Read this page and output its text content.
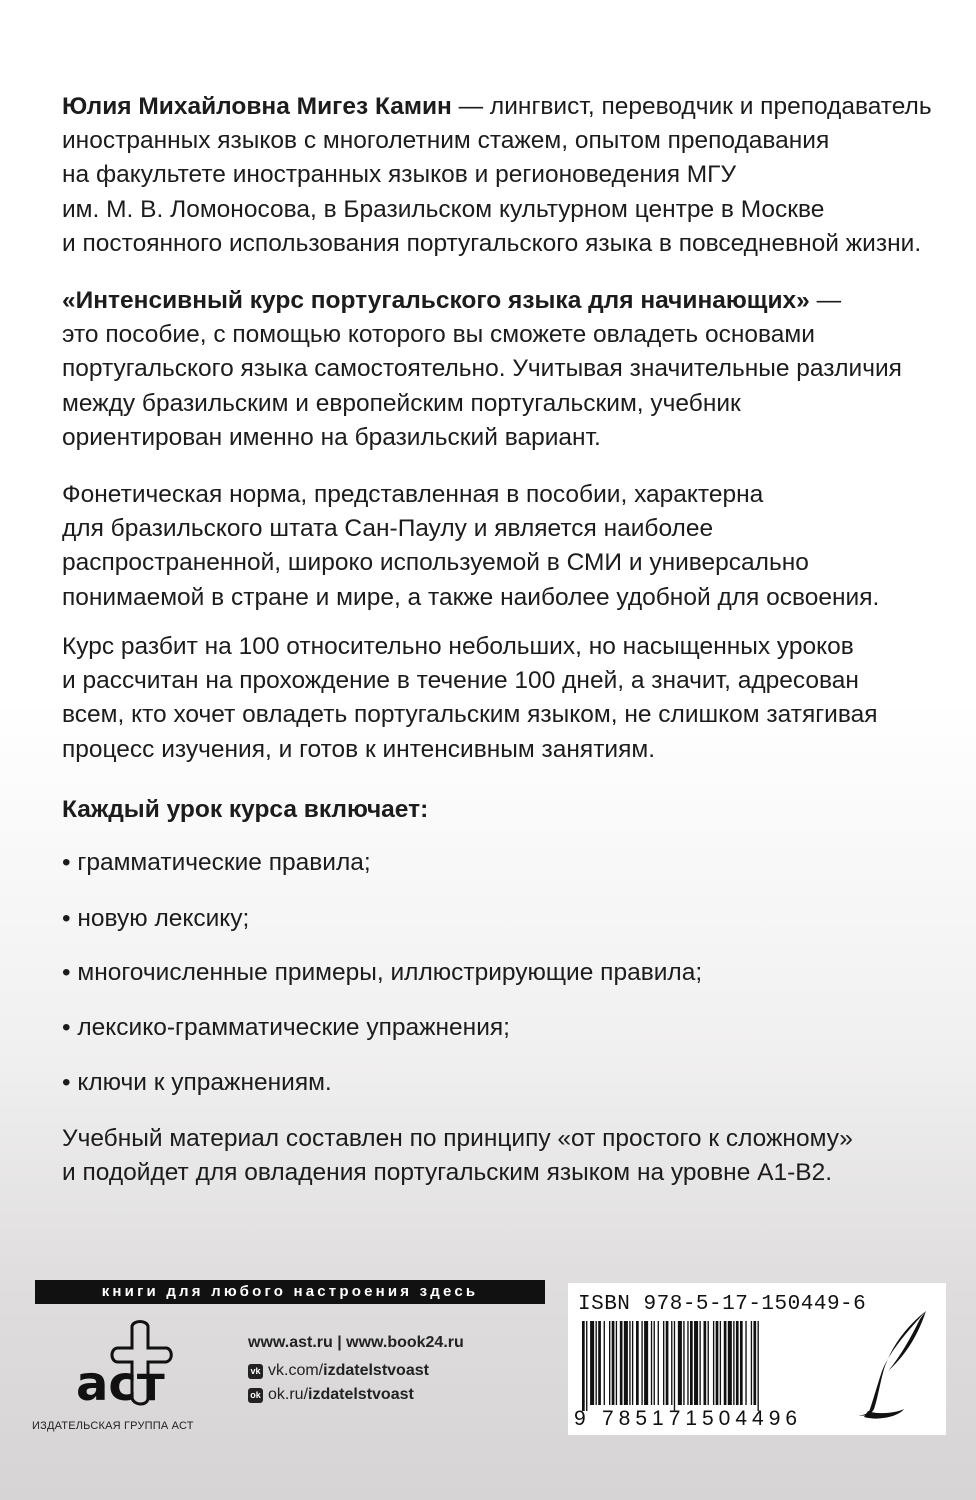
Юлия Михайловна Мигез Камин — лингвист, переводчик и преподаватель
иностранных языков с многолетним стажем, опытом преподавания
на факультете иностранных языков и регионоведения МГУ
им. М. В. Ломоносова, в Бразильском культурном центре в Москве
и постоянного использования португальского языка в повседневной жизни.
«Интенсивный курс португальского языка для начинающих» —
это пособие, с помощью которого вы сможете овладеть основами
португальского языка самостоятельно. Учитывая значительные различия
между бразильским и европейским португальским, учебник
ориентирован именно на бразильский вариант.
Фонетическая норма, представленная в пособии, характерна
для бразильского штата Сан-Паулу и является наиболее
распространенной, широко используемой в СМИ и универсально
понимаемой в стране и мире, а также наиболее удобной для освоения.
Курс разбит на 100 относительно небольших, но насыщенных уроков
и рассчитан на прохождение в течение 100 дней, а значит, адресован
всем, кто хочет овладеть португальским языком, не слишком затягивая
процесс изучения, и готов к интенсивным занятиям.
Каждый урок курса включает:
• грамматические правила;
• новую лексику;
• многочисленные примеры, иллюстрирующие правила;
• лексико-грамматические упражнения;
• ключи к упражнениям.
Учебный материал составлен по принципу «от простого к сложному»
и подойдет для овладения португальским языком на уровне А1-В2.
книги для любого настроения здесь
аст
ИЗДАТЕЛЬСКАЯ ГРУППА АСТ
www.ast.ru | www.book24.ru
vk vk.com/ izdatelstvoast
ok ok.ru/ izdatelstvoast
ISBN 978-5-17-150449-6
9 785171 504496
